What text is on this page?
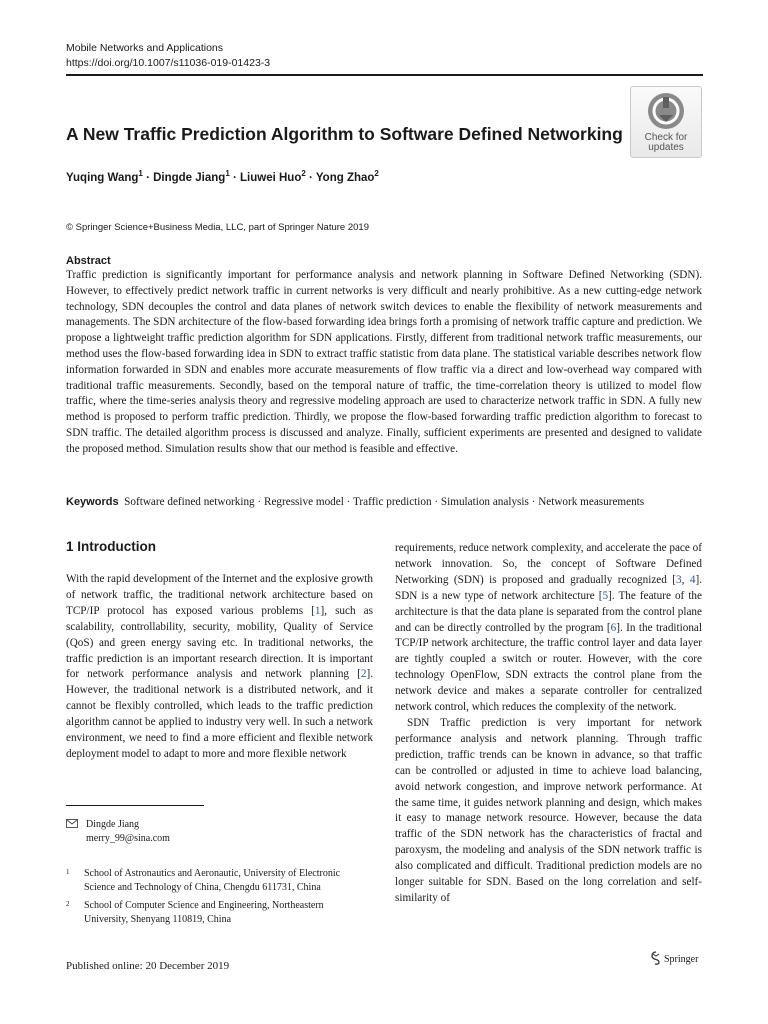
Mobile Networks and Applications
https://doi.org/10.1007/s11036-019-01423-3
Check for
updates
A New Traffic Prediction Algorithm to Software Defined Networking
Yuqing Wang$^1$ · Dingde Jiang$^1$ · Liuwei Huo$^2$ · Yong Zhao$^2$
© Springer Science+Business Media, LLC, part of Springer Nature 2019
Abstract

Traffic prediction is significantly important for performance analysis and network planning in Software Defined Networking (SDN). However, to effectively predict network traffic in current networks is very difficult and nearly prohibitive. As a new cutting-edge network technology, SDN decouples the control and data planes of network switch devices to enable the flexibility of network measurements and managements. The SDN architecture of the flow-based forwarding idea brings forth a promising of network traffic capture and prediction. We propose a lightweight traffic prediction algorithm for SDN applications. Firstly, different from traditional network traffic measurements, our method uses the flow-based forwarding idea in SDN to extract traffic statistic from data plane. The statistical variable describes network flow information forwarded in SDN and enables more accurate measurements of flow traffic via a direct and low-overhead way compared with traditional traffic measurements. Secondly, based on the temporal nature of traffic, the time-correlation theory is utilized to model flow traffic, where the time-series analysis theory and regressive modeling approach are used to characterize network traffic in SDN. A fully new method is proposed to perform traffic prediction. Thirdly, we propose the flow-based forwarding traffic prediction algorithm to forecast to SDN traffic. The detailed algorithm process is discussed and analyze. Finally, sufficient experiments are presented and designed to validate the proposed method. Simulation results show that our method is feasible and effective.

Keywords Software defined networking · Regressive model · Traffic prediction · Simulation analysis · Network measurements
1 Introduction

With the rapid development of the Internet and the explosive growth of network traffic, the traditional network architecture based on TCP/IP protocol has exposed various problems [1], such as scalability, controllability, security, mobility, Quality of Service (QoS) and green energy saving etc. In traditional networks, the traffic prediction is an important research direction. It is important for network performance analysis and network planning [2]. However, the traditional network is a distributed network, and it cannot be flexibly controlled, which leads to the traffic prediction algorithm cannot be applied to industry very well. In such a network environment, we need to find a more efficient and flexible network deployment model to adapt to more and more flexible network

requirements, reduce network complexity, and accelerate the pace of network innovation. So, the concept of Software Defined Networking (SDN) is proposed and gradually recognized [3, 4]. SDN is a new type of network architecture [5]. The feature of the architecture is that the data plane is separated from the control plane and can be directly controlled by the program [6]. In the traditional TCP/IP network architecture, the traffic control layer and data layer are tightly coupled a switch or router. However, with the core technology OpenFlow, SDN extracts the control plane from the network device and makes a separate controller for centralized network control, which reduces the complexity of the network.

SDN Traffic prediction is very important for network performance analysis and network planning. Through traffic prediction, traffic trends can be known in advance, so that traffic can be controlled or adjusted in time to achieve load balancing, avoid network congestion, and improve network performance. At the same time, it guides network planning and design, which makes it easy to manage network resource. However, because the data traffic of the SDN network has the characteristics of fractal and paroxysm, the modeling and analysis of the SDN network traffic is also complicated and difficult. Traditional prediction models are no longer suitable for SDN. Based on the long correlation and self-similarity of

Dingde Jiang
merry_99@sina.com
1 School of Astronautics and Aeronautic, University of Electronic Science and Technology of China, Chengdu 611731, China
2 School of Computer Science and Engineering, Northeastern University, Shenyang 110819, China
Published online: 20 December 2019
Springer
